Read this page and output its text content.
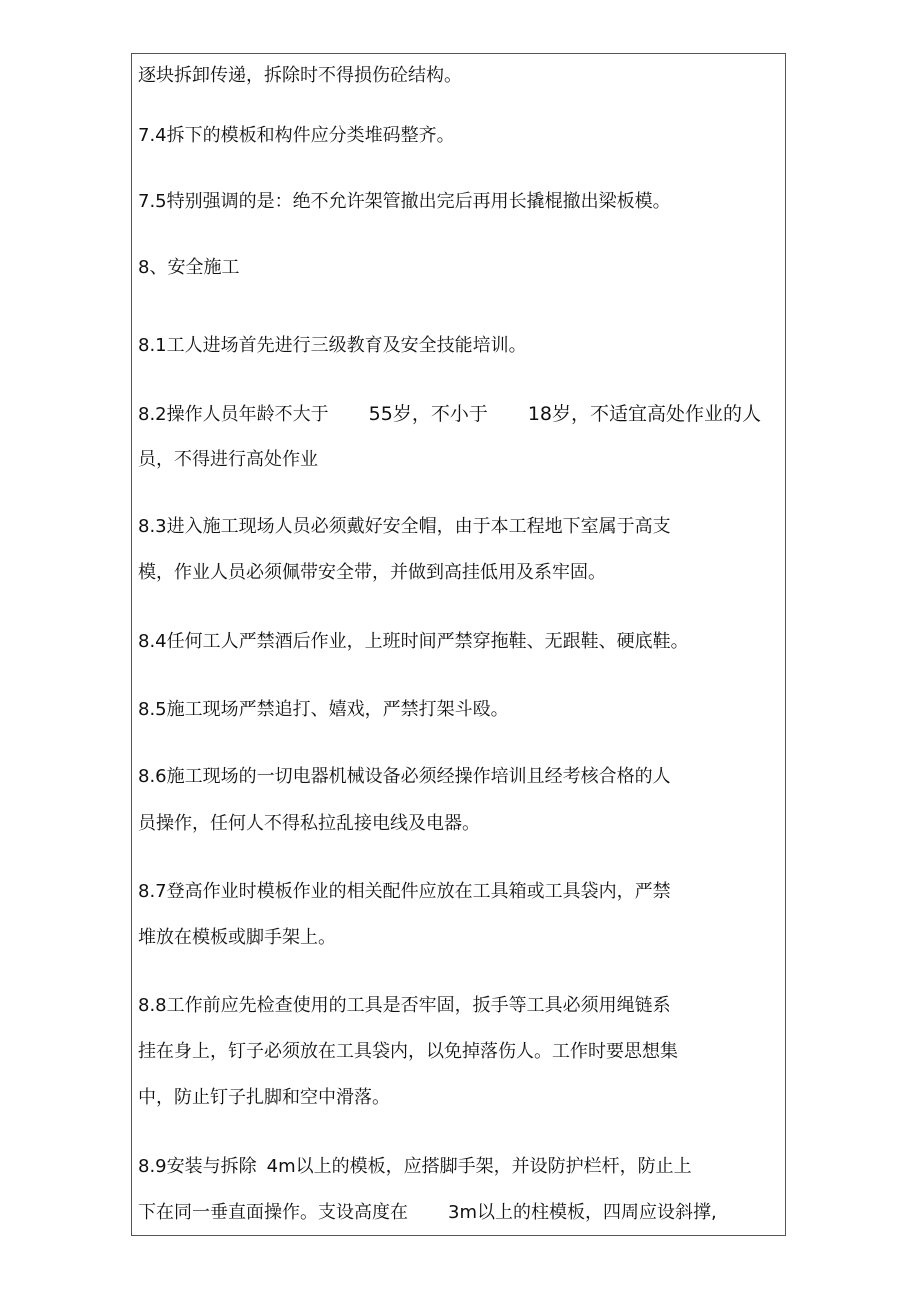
逐块拆卸传递，拆除时不得损伤砼结构。
7.4拆下的模板和构件应分类堆码整齐。
7.5特别强调的是：绝不允许架管撤出完后再用长撬棍撤出梁板模。
8、安全施工
8.1工人进场首先进行三级教育及安全技能培训。
8.2操作人员年龄不大于 55岁，不小于 18岁，不适宜高处作业的人
员，不得进行高处作业
8.3进入施工现场人员必须戴好安全帽，由于本工程地下室属于高支
模，作业人员必须佩带安全带，并做到高挂低用及系牢固。
8.4任何工人严禁酒后作业，上班时间严禁穿拖鞋、无跟鞋、硬底鞋。
8.5施工现场严禁追打、嬉戏，严禁打架斗殴。
8.6施工现场的一切电器机械设备必须经操作培训且经考核合格的人
员操作，任何人不得私拉乱接电线及电器。
8.7登高作业时模板作业的相关配件应放在工具箱或工具袋内，严禁
堆放在模板或脚手架上。
8.8工作前应先检查使用的工具是否牢固，扳手等工具必须用绳链系
挂在身上，钉子必须放在工具袋内，以免掉落伤人。工作时要思想集
中，防止钉子扎脚和空中滑落。
8.9安装与拆除 4m以上的模板，应搭脚手架，并设防护栏杆，防止上
下在同一垂直面操作。支设高度在 3m以上的柱模板，四周应设斜撑,
